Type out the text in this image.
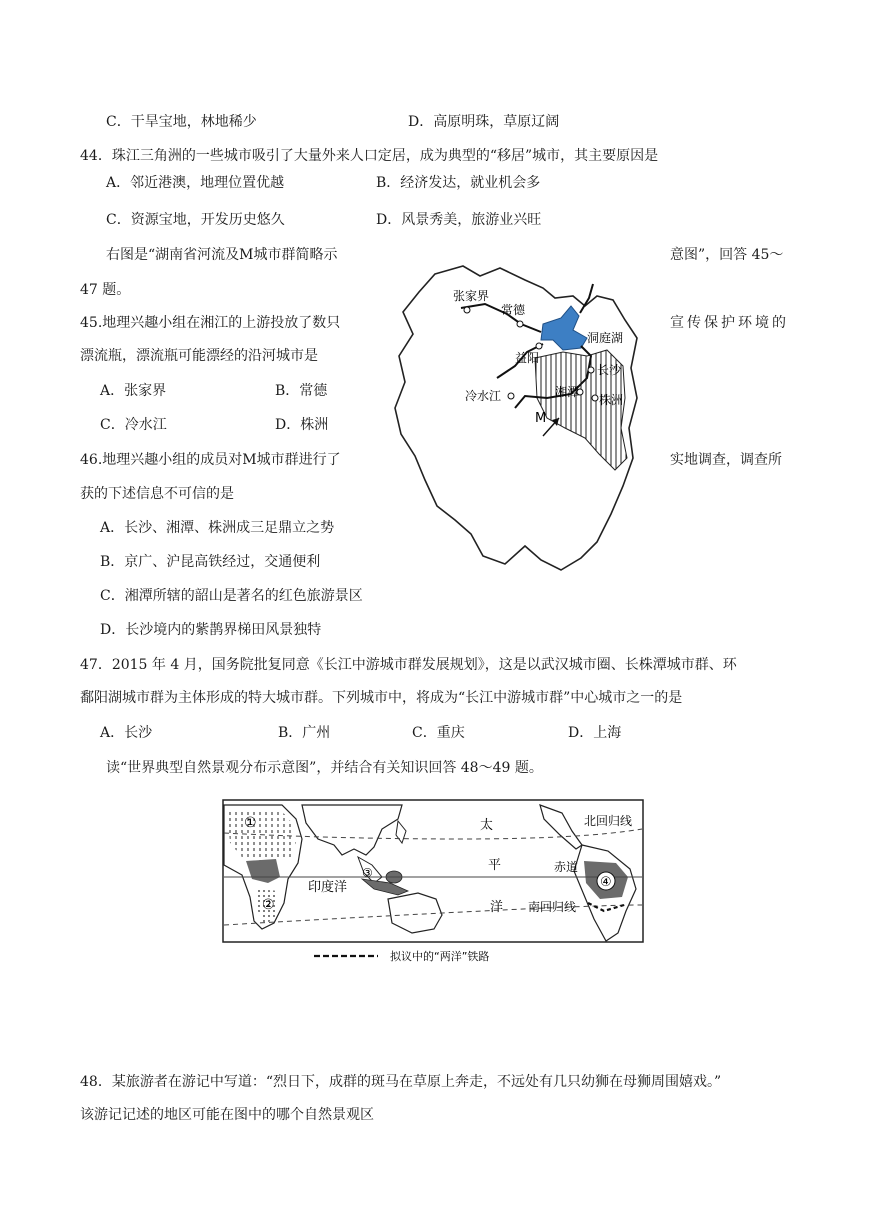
C．干旱宝地，林地稀少	D．高原明珠，草原辽阔
44．珠江三角洲的一些城市吸引了大量外来人口定居，成为典型的“移居”城市，其主要原因是
A．邻近港澳，地理位置优越	B．经济发达，就业机会多
C．资源宝地，开发历史悠久	D．风景秀美，旅游业兴旺
右图是“湖南省河流及M城市群简略示	意图”，回答 45～
47 题。
45.地理兴趣小组在湘江的上游投放了数只	宣传保护环境的
漂流瓶，漂流瓶可能漂经的沿河城市是
A．张家界	B．常德
C．冷水江	D．株洲
46.地理兴趣小组的成员对M城市群进行了	实地调查，调查所
获的下述信息不可信的是
A．长沙、湘潭、株洲成三足鼎立之势
B．京广、沪昆高铁经过，交通便利
C．湘潭所辖的韶山是著名的红色旅游景区
D．长沙境内的紫鹊界梯田风景独特
张家界
常德
益阳
洞庭湖
长沙
冷水江	湘潭
株洲
M
47．2015 年 4 月，国务院批复同意《长江中游城市群发展规划》，这是以武汉城市圈、长株潭城市群、环
鄱阳湖城市群为主体形成的特大城市群。下列城市中，将成为“长江中游城市群”中心城市之一的是
A．长沙	B．广州	C．重庆	D．上海
读“世界典型自然景观分布示意图”，并结合有关知识回答 48～49 题。
①
②
③
④
印度洋
太
平
洋
北回归线
赤道
南回归线
拟议中的“两洋”铁路
48．某旅游者在游记中写道：“烈日下，成群的斑马在草原上奔走，不远处有几只幼狮在母狮周围嬉戏。”
该游记记述的地区可能在图中的哪个自然景观区
